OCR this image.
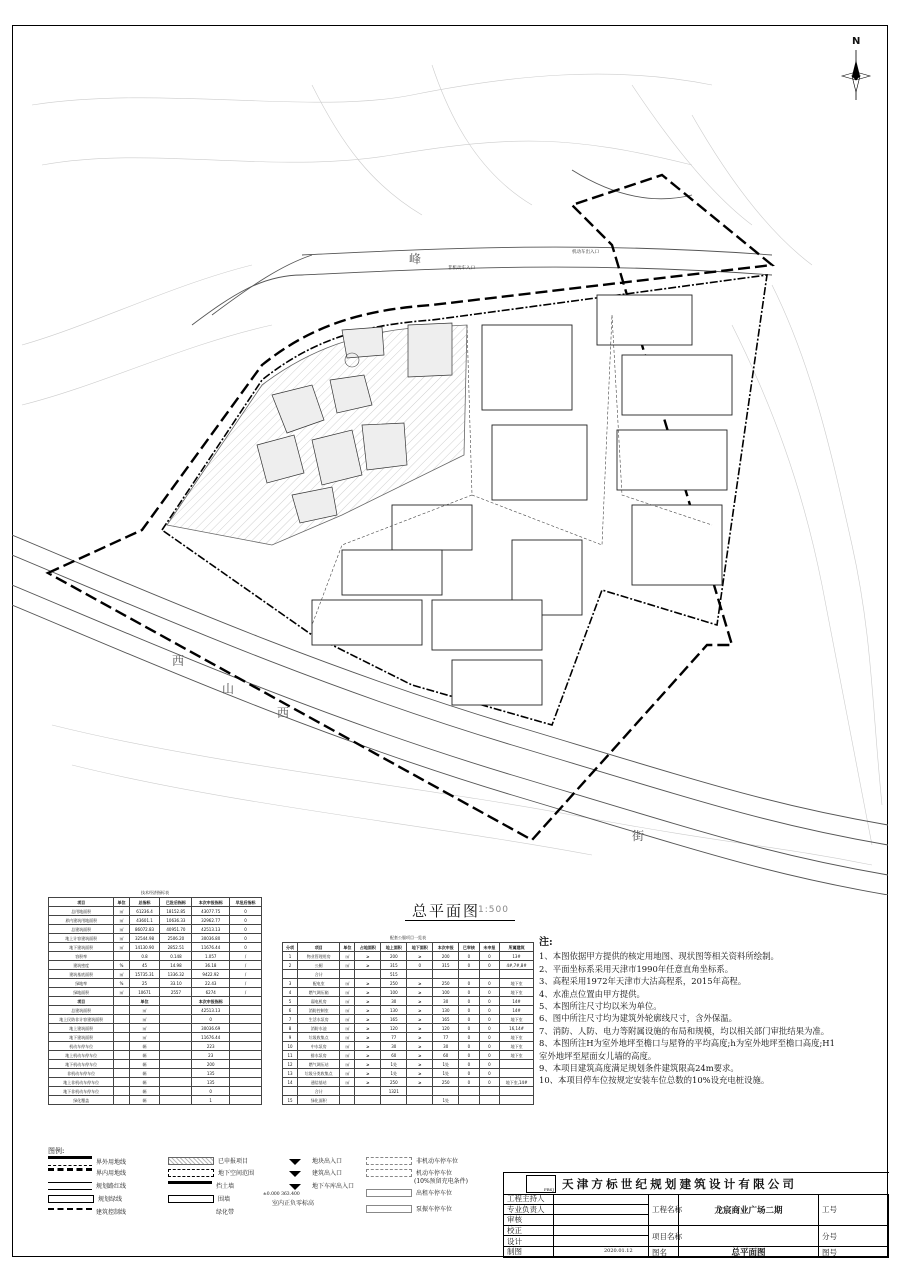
峰
西
街
西
山
非机动车入口
机动车出入口
N
总平面图
1:500
技术经济指标表
项目	单位	总指标	已批后指标	本次申报指标	早批后指标
总用地面积	㎡	61236.4	18152.85	43077.75	0
界内建筑用地面积	㎡	43601.1	10636.33	32962.77	0
总建筑面积	㎡	86072.83	40951.70	42513.13	0
地上计容建筑面积	㎡	32544.98	2506.20	30036.80	0
地下建筑面积	㎡	14130.90	2852.51	11676.44	0
容积率		0.8	0.148	1.057	/
建筑密度	%	45	14.98	36.18	/
建筑基底面积	㎡	15735.31	1336.32	9422.92	/
绿地率	%	25	33.10	22.43	/
绿地面积	㎡	10671	2557	6274	/
项目		单位		本次申报指标	
总建筑面积		㎡		42513.13	
地上民防非计容建筑面积		㎡		0	
地上建筑面积		㎡		30036.69	
地下建筑面积		㎡		11676.44	
机动车停车位		辆		223	
地上机动车停车位		辆		23	
地下机动车停车位		辆		200	
非机动车停车位		辆		135	
地上非机动车停车位		辆		135	
地下非机动车停车位		辆		0	
绿化覆盖		辆		1	
配套公服项目一览表
分项	项目	单位	占地面积	地上面积	地下面积	本次申报	已审核	未申报	所属建筑
1	物业管理用房	㎡	≥	200	≥	200	0	0	13#
2	公厕	㎡	≥	315	0	315	0	0	4#,7#,8#
	合计			515					
3	配电室	㎡	≥	250	≥	250	0	0	地下室
4	燃气调压箱	㎡	≥	100	≥	100	0	0	地下室
5	弱电机房	㎡	≥	30	≥	30	0	0	14#
6	消防控制室	㎡	≥	130	≥	130	0	0	14#
7	生活水泵房	㎡	≥	165	≥	165	0	0	地下室
8	消防水池	㎡	≥	120	≥	120	0	0	16,14#
9	垃圾收集点	㎡	≥	77	≥	77	0	0	地下室
10	中水泵房	㎡	≥	30	≥	30	0	0	地下室
11	排水泵房	㎡	≥	60	≥	60	0	0	地下室
12	燃气调压站	㎡	≥	1处	≥	1处	0	0	
13	垃圾分类收集点	㎡	≥	1处	≥	1处	0	0	
14	通信基站	㎡	≥	250	≥	250	0	0	地下室,14#
	合计			1321					
15	绿化面积					1处			
注:
1、本图依据甲方提供的核定用地图、现状图等相关资料所绘制。
2、平面坐标系采用天津市1990年任意直角坐标系。
3、高程采用1972年天津市大沽高程系，2015年高程。
4、水准点位置由甲方提供。
5、本图所注尺寸均以米为单位。
6、图中所注尺寸均为建筑外轮廓线尺寸，含外保温。
7、消防、人防、电力等附属设施的布局和规模，均以相关部门审批结果为准。
8、本图所注H为室外地坪至檐口与屋脊的平均高度;h为室外地坪至檐口高度;H1
室外地坪至屋面女儿墙的高度。
9、本项目建筑高度满足规划条件建筑限高24m要求。
10、本项目停车位按规定安装车位总数的10%设充电桩设施。
图例:
界外用地线
界内用地线
规划路红线
规划绿线
建筑控制线
已申报项目
地下空间范围
挡土墙
围墙
绿化带
地块出入口
建筑出入口
地下车库出入口
室内正负零标高
非机动车停车位
机动车停车位
(10%预留充电条件)
出租车停车位
泵振车停车位
±0.000 363.400
FBSJ 天津方标世纪规划建筑设计有限公司
工程主持人
专业负责人
审核
校正
设计
制图	2020.01.12
工程名称	龙宸商业广场二期	工号
项目名称	分号
图名	总平面图	图号
